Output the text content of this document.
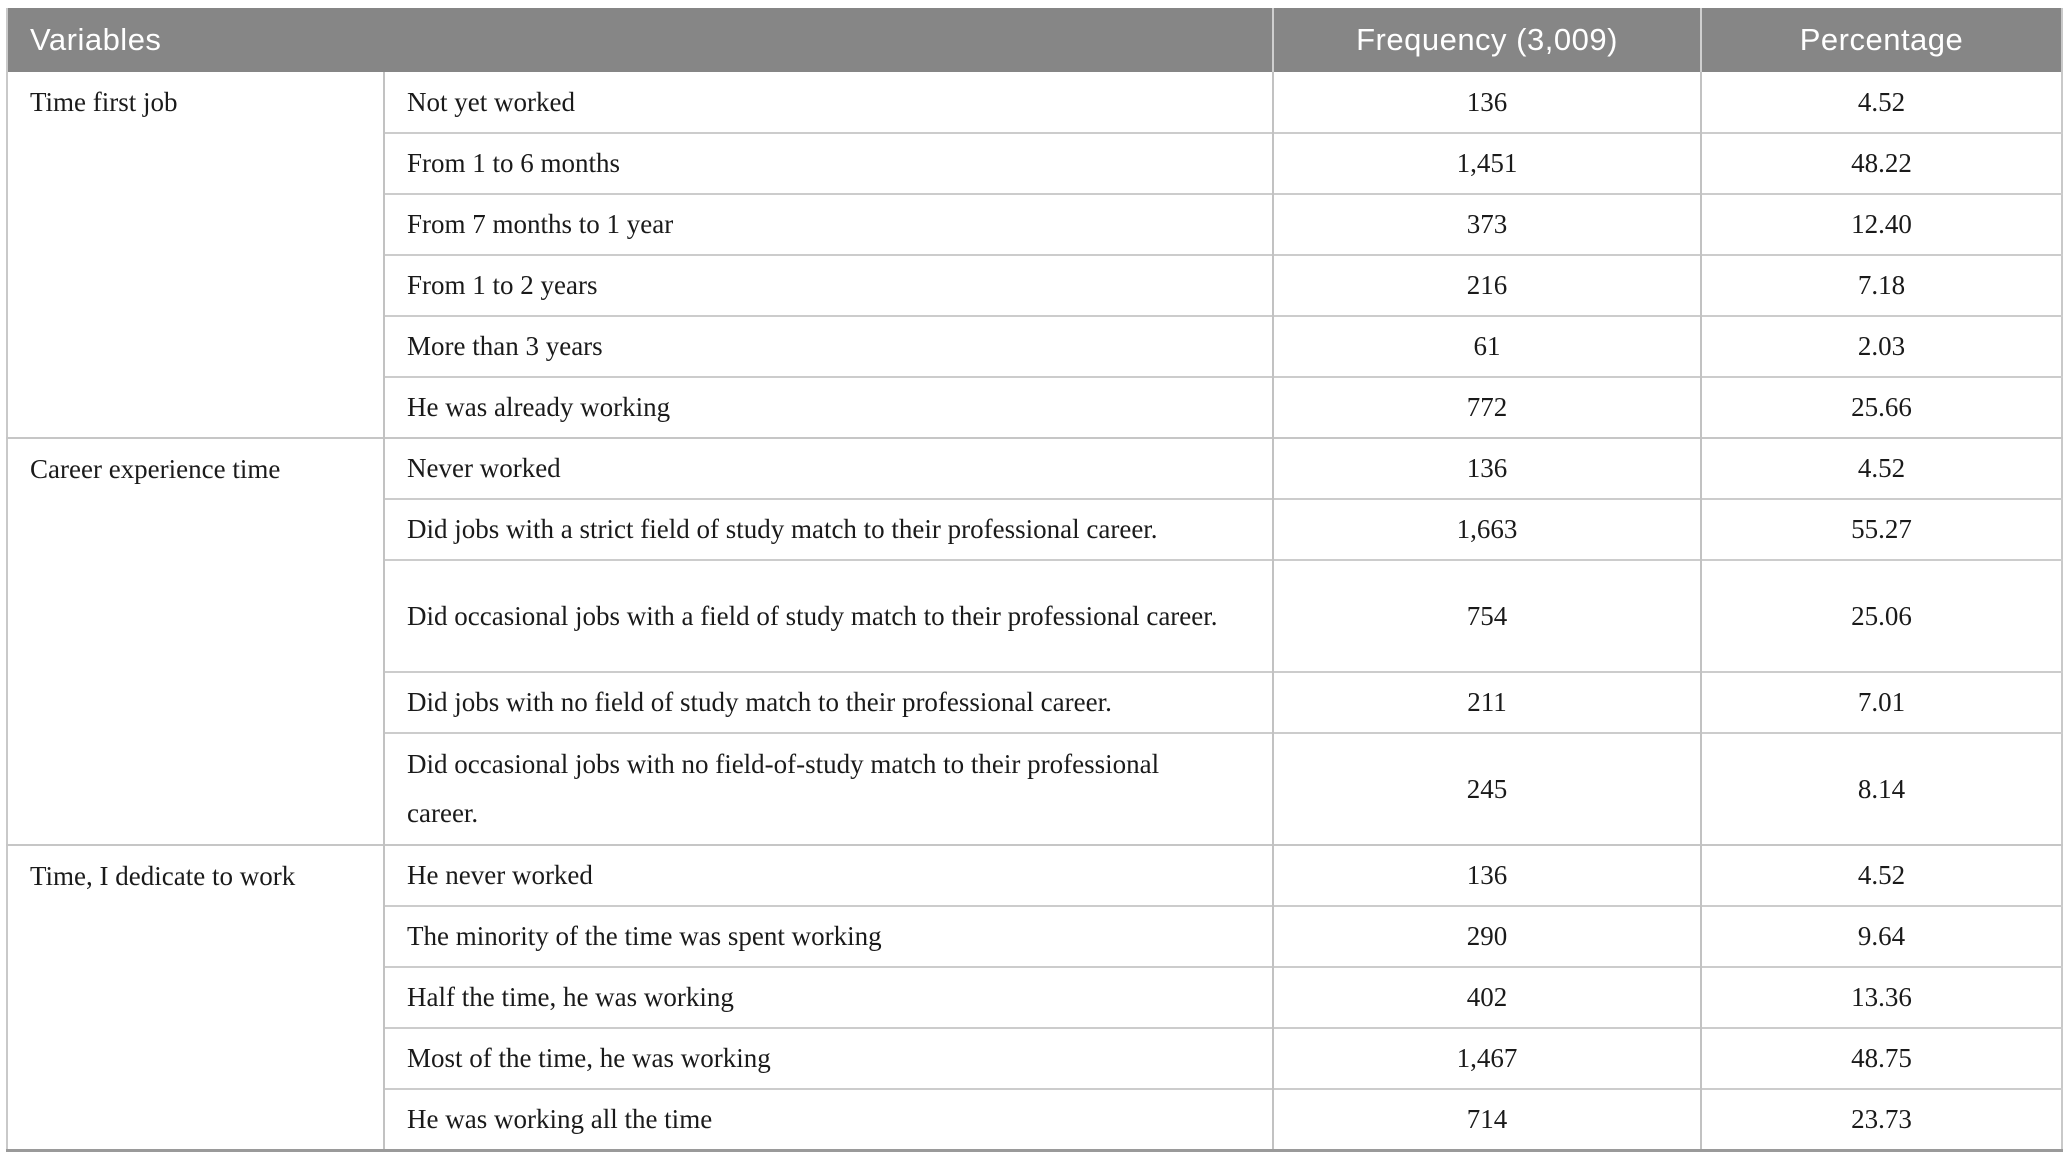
Variables		Frequency (3,009)	Percentage
Time first job	Not yet worked	136	4.52
	From 1 to 6 months	1,451	48.22
	From 7 months to 1 year	373	12.40
	From 1 to 2 years	216	7.18
	More than 3 years	61	2.03
	He was already working	772	25.66
Career experience time	Never worked	136	4.52
	Did jobs with a strict field of study match to their professional career.	1,663	55.27
	Did occasional jobs with a field of study match to their professional career.	754	25.06
	Did jobs with no field of study match to their professional career.	211	7.01
	Did occasional jobs with no field-of-study match to their professional career.	245	8.14
Time, I dedicate to work	He never worked	136	4.52
	The minority of the time was spent working	290	9.64
	Half the time, he was working	402	13.36
	Most of the time, he was working	1,467	48.75
	He was working all the time	714	23.73
